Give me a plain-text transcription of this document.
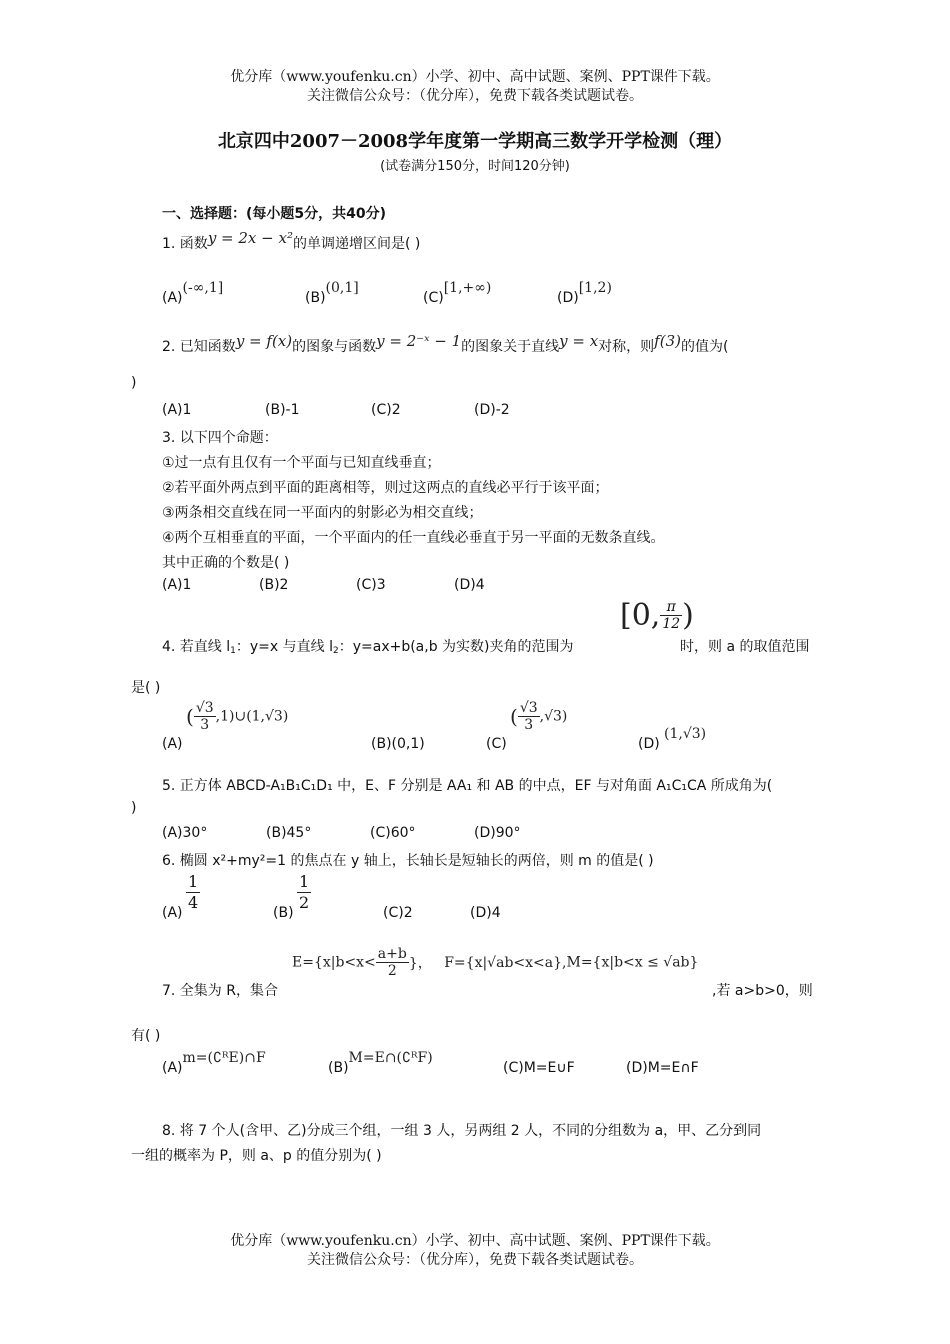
优分库（www.youfenku.cn）小学、初中、高中试题、案例、PPT课件下载。
关注微信公众号：（优分库），免费下载各类试题试卷。
北京四中2007－2008学年度第一学期高三数学开学检测（理）
(试卷满分150分，时间120分钟)
一、选择题：(每小题5分，共40分)
1. 函数y = 2x − x²的单调递增区间是( )
(A)(-∞,1]
(B)(0,1]
(C)[1,+∞)
(D)[1,2)
2. 已知函数y = f(x)的图象与函数y = 2⁻ˣ − 1的图象关于直线y = x对称，则f(3)的值为(
)
(A)1	(B)-1	(C)2	(D)-2
3. 以下四个命题：
①过一点有且仅有一个平面与已知直线垂直；
②若平面外两点到平面的距离相等，则过这两点的直线必平行于该平面；
③两条相交直线在同一平面内的射影必为相交直线；
④两个互相垂直的平面，一个平面内的任一直线必垂直于另一平面的无数条直线。
其中正确的个数是( )
(A)1	(B)2	(C)3	(D)4
4. 若直线 $l_1$：y=x 与直线 $l_2$：y=ax+b(a,b 为实数)夹角的范围为
[0, $\frac{\pi}{12}$ )
时，则 a 的取值范围
是( )
(A)
( $\frac{√3}{3}$ ,1)∪(1,√3)
(B)(0,1)	(C)
( $\frac{√3}{3} ,√3$)
(D)
(1,√3)
5. 正方体 ABCD-A₁B₁C₁D₁ 中，E、F 分别是 AA₁ 和 AB 的中点，EF 与对角面 A₁C₁CA 所成角为(
)
(A)30°	(B)45°	(C)60°	(D)90°
6. 椭圆 x²+my²=1 的焦点在 y 轴上，长轴长是短轴长的两倍，则 m 的值是( )
$(A) \frac{1}{4}$	$(B) \frac{1}{2}$	(C)2	(D)4
7. 全集为 R，集合
$E=\{x|b<x< \frac{a+b}{2}$ }， F={x|√ab<x<a},M={x|b<x ≤ √ab}
,若 a>b>0，则
有( )
(A)m=(∁ᴿE)∩F
(B)M=E∩(∁ᴿF)
(C)M=E∪F	(D)M=E∩F
8. 将 7 个人(含甲、乙)分成三个组，一组 3 人，另两组 2 人，不同的分组数为 a，甲、乙分到同
一组的概率为 P，则 a、p 的值分别为( )
优分库（www.youfenku.cn）小学、初中、高中试题、案例、PPT课件下载。
关注微信公众号：（优分库），免费下载各类试题试卷。
